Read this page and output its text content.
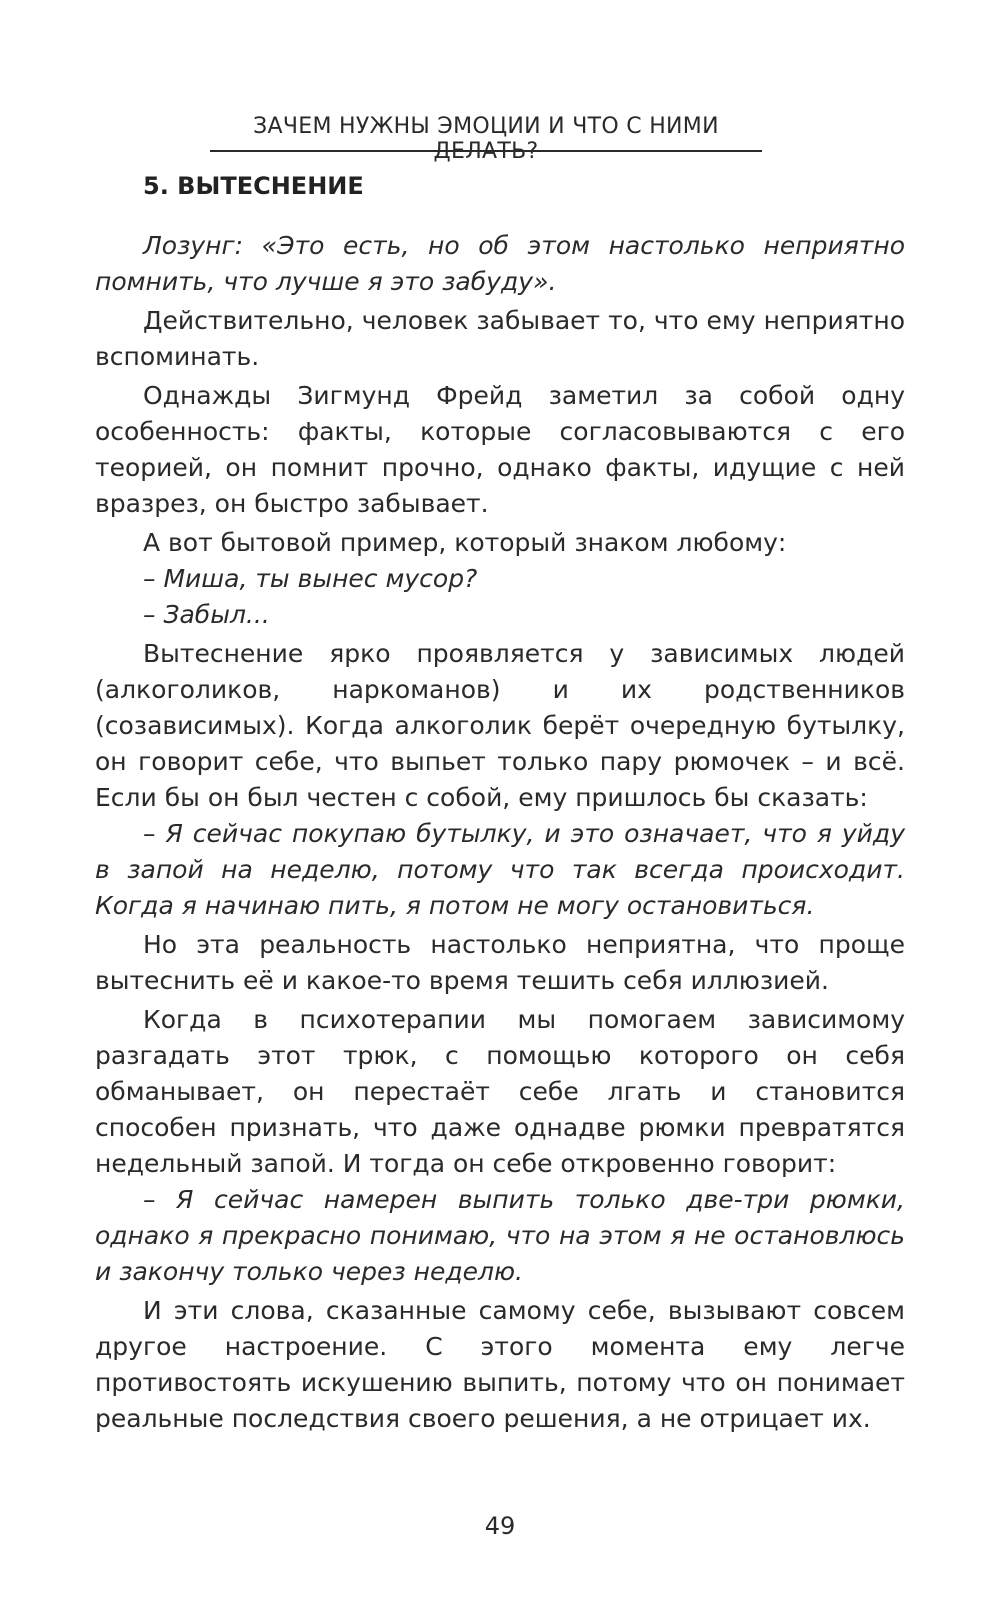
ЗАЧЕМ НУЖНЫ ЭМОЦИИ И ЧТО С НИМИ ДЕЛАТЬ?
5. ВЫТЕСНЕНИЕ

Лозунг: «Это есть, но об этом настолько неприятно помнить, что лучше я это забуду».

Действительно, человек забывает то, что ему неприятно вспоминать.

Однажды Зигмунд Фрейд заметил за собой одну особенность: факты, которые согласовываются с его теорией, он помнит прочно, однако факты, идущие с ней вразрез, он быстро забывает.

А вот бытовой пример, который знаком любому:

– Миша, ты вынес мусор?

– Забыл...

Вытеснение ярко проявляется у зависимых людей (алкоголиков, наркоманов) и их родственников (созависимых). Когда алкоголик берёт очередную бутылку, он говорит себе, что выпьет только пару рюмочек – и всё. Если бы он был честен с собой, ему пришлось бы сказать:

– Я сейчас покупаю бутылку, и это означает, что я уйду в запой на неделю, потому что так всегда происходит. Когда я начинаю пить, я потом не могу остановиться.

Но эта реальность настолько неприятна, что проще вытеснить её и какое-то время тешить себя иллюзией.

Когда в психотерапии мы помогаем зависимому разгадать этот трюк, с помощью которого он себя обманывает, он перестаёт себе лгать и становится способен признать, что даже однадве рюмки превратятся недельный запой. И тогда он себе откровенно говорит:

– Я сейчас намерен выпить только две-три рюмки, однако я прекрасно понимаю, что на этом я не остановлюсь и закончу только через неделю.

И эти слова, сказанные самому себе, вызывают совсем другое настроение. С этого момента ему легче противостоять искушению выпить, потому что он понимает реальные последствия своего решения, а не отрицает их.

49
